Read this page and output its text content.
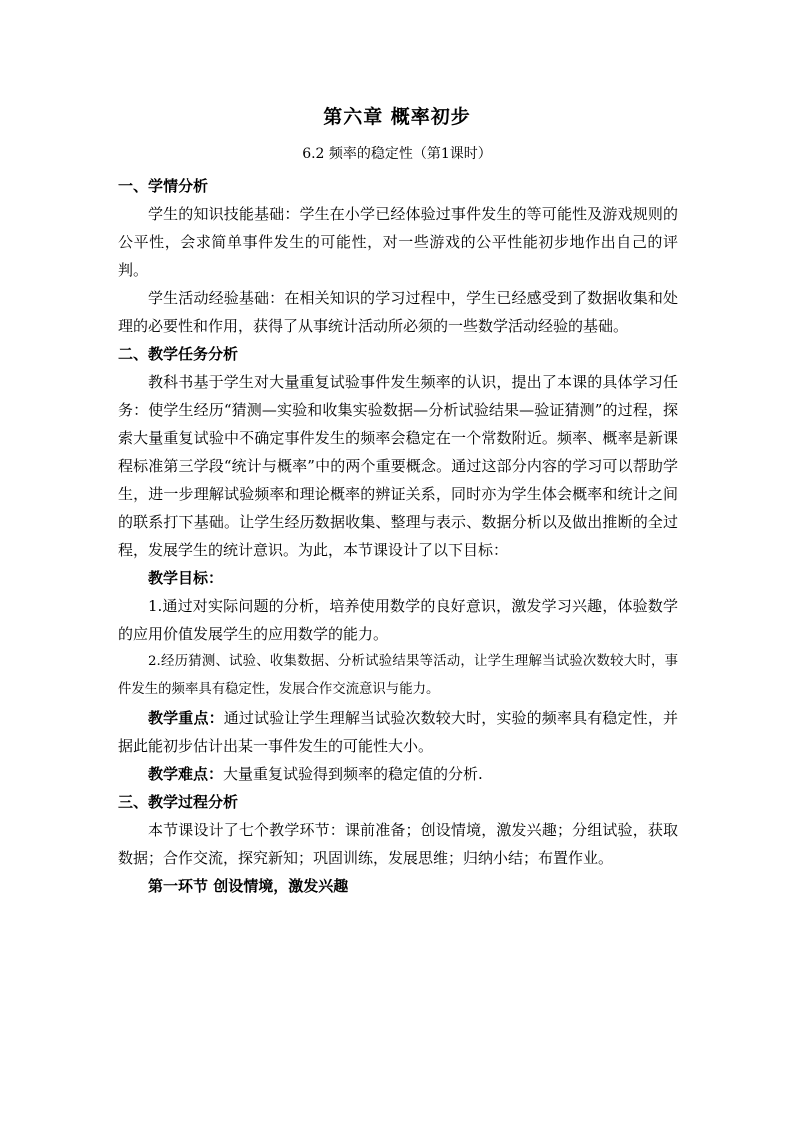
第六章 概率初步
6.2 频率的稳定性（第1课时）

一、学情分析

学生的知识技能基础：学生在小学已经体验过事件发生的等可能性及游戏规则的公平性，会求简单事件发生的可能性，对一些游戏的公平性能初步地作出自己的评判。

学生活动经验基础：在相关知识的学习过程中，学生已经感受到了数据收集和处理的必要性和作用，获得了从事统计活动所必须的一些数学活动经验的基础。

二、教学任务分析

教科书基于学生对大量重复试验事件发生频率的认识，提出了本课的具体学习任务：使学生经历“猜测—实验和收集实验数据—分析试验结果—验证猜测”的过程，探索大量重复试验中不确定事件发生的频率会稳定在一个常数附近。频率、概率是新课程标准第三学段“统计与概率”中的两个重要概念。通过这部分内容的学习可以帮助学生，进一步理解试验频率和理论概率的辨证关系，同时亦为学生体会概率和统计之间的联系打下基础。让学生经历数据收集、整理与表示、数据分析以及做出推断的全过程，发展学生的统计意识。为此，本节课设计了以下目标：

教学目标：

1.通过对实际问题的分析，培养使用数学的良好意识，激发学习兴趣，体验数学的应用价值发展学生的应用数学的能力。

2.经历猜测、试验、收集数据、分析试验结果等活动，让学生理解当试验次数较大时，事件发生的频率具有稳定性，发展合作交流意识与能力。

教学重点：通过试验让学生理解当试验次数较大时，实验的频率具有稳定性，并据此能初步估计出某一事件发生的可能性大小。

教学难点：大量重复试验得到频率的稳定值的分析.

三、教学过程分析

本节课设计了七个教学环节：课前准备；创设情境，激发兴趣；分组试验，获取数据；合作交流，探究新知；巩固训练，发展思维；归纳小结；布置作业。

第一环节 创设情境，激发兴趣
